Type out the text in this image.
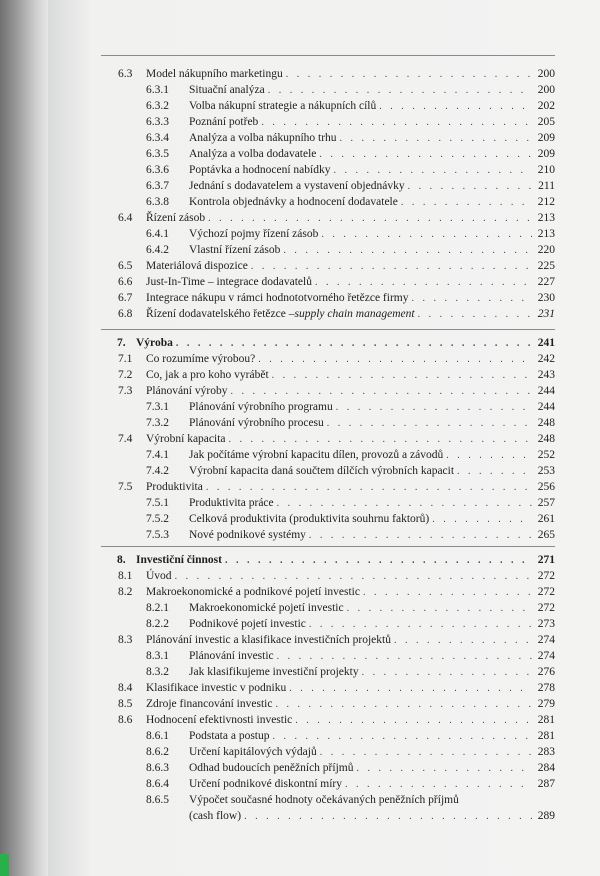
6.3 Model nákupního marketingu . . .	200
6.3.1 Situační analýza . . .	200
6.3.2 Volba nákupní strategie a nákupních cílů . . .	202
6.3.3 Poznání potřeb . . .	205
6.3.4 Analýza a volba nákupního trhu . . .	209
6.3.5 Analýza a volba dodavatele . . .	209
6.3.6 Poptávka a hodnocení nabídky . . .	210
6.3.7 Jednání s dodavatelem a vystavení objednávky . . .	211
6.3.8 Kontrola objednávky a hodnocení dodavatele . . .	212
6.4 Řízení zásob . . .	213
6.4.1 Výchozí pojmy řízení zásob . . .	213
6.4.2 Vlastní řízení zásob . . .	220
6.5 Materiálová dispozice . . .	225
6.6 Just-In-Time – integrace dodavatelů . . .	227
6.7 Integrace nákupu v rámci hodnototvorného řetězce firmy . . .	230
6.8 Řízení dodavatelského řetězce – supply chain management . . .	231
7. Výroba . . .	241
7.1 Co rozumíme výrobou? . . .	242
7.2 Co, jak a pro koho vyrábět . . .	243
7.3 Plánování výroby . . .	244
7.3.1 Plánování výrobního programu . . .	244
7.3.2 Plánování výrobního procesu . . .	248
7.4 Výrobní kapacita . . .	248
7.4.1 Jak počítáme výrobní kapacitu dílen, provozů a závodů . . .	252
7.4.2 Výrobní kapacita daná součtem dílčích výrobních kapacit . . .	253
7.5 Produktivita . . .	256
7.5.1 Produktivita práce . . .	257
7.5.2 Celková produktivita (produktivita souhrnu faktorů) . . .	261
7.5.3 Nové podnikové systémy . . .	265
8. Investiční činnost . . .	271
8.1 Úvod . . .	272
8.2 Makroekonomické a podnikové pojetí investic . . .	272
8.2.1 Makroekonomické pojetí investic . . .	272
8.2.2 Podnikové pojetí investic . . .	273
8.3 Plánování investic a klasifikace investičních projektů . . .	274
8.3.1 Plánování investic . . .	274
8.3.2 Jak klasifikujeme investiční projekty . . .	276
8.4 Klasifikace investic v podniku . . .	278
8.5 Zdroje financování investic . . .	279
8.6 Hodnocení efektivnosti investic . . .	281
8.6.1 Podstata a postup . . .	281
8.6.2 Určení kapitálových výdajů . . .	283
8.6.3 Odhad budoucích peněžních příjmů . . .	284
8.6.4 Určení podnikové diskontní míry . . .	287
8.6.5 Výpočet současné hodnoty očekávaných peněžních příjmů
(cash flow) . . .	289
